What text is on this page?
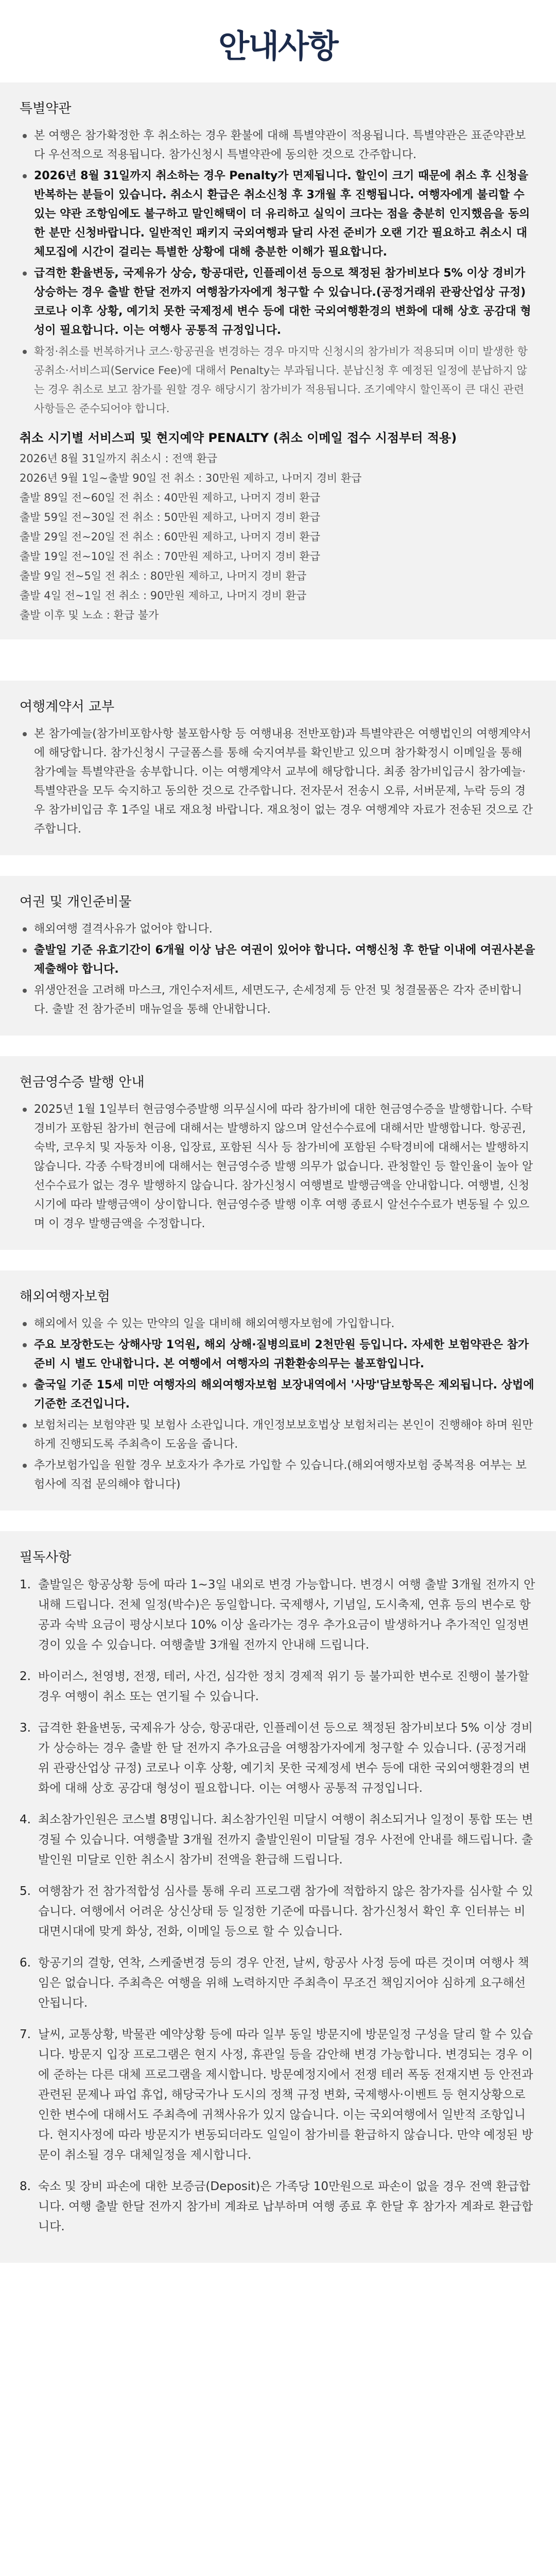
안내사항
특별약관
본 여행은 참가확정한 후 취소하는 경우 환불에 대해 특별약관이 적용됩니다. 특별약관은 표준약관보다 우선적으로 적용됩니다. 참가신청시 특별약관에 동의한 것으로 간주합니다.
2026년 8월 31일까지 취소하는 경우 Penalty가 면제됩니다. 할인이 크기 때문에 취소 후 신청을 반복하는 분들이 있습니다. 취소시 환급은 취소신청 후 3개월 후 진행됩니다. 여행자에게 불리할 수 있는 약관 조항임에도 불구하고 말인해택이 더 유리하고 실익이 크다는 점을 충분히 인지했음을 동의한 분만 신청바랍니다. 일반적인 패키지 국외여행과 달리 사전 준비가 오랜 기간 필요하고 취소시 대체모집에 시간이 걸리는 특별한 상황에 대해 충분한 이해가 필요합니다.
급격한 환율변동, 국제유가 상승, 항공대란, 인플레이션 등으로 책정된 참가비보다 5% 이상 경비가 상승하는 경우 출발 한달 전까지 여행참가자에게 청구할 수 있습니다.(공정거래위 관광산업상 규정) 코로나 이후 상황, 예기치 못한 국제정세 변수 등에 대한 국외여행환경의 변화에 대해 상호 공감대 형성이 필요합니다. 이는 여행사 공통적 규정입니다.
확정·취소를 번복하거나 코스·항공권을 변경하는 경우 마지막 신청시의 참가비가 적용되며 이미 발생한 항공취소·서비스피(Service Fee)에 대해서 Penalty는 부과됩니다. 분납신청 후 예정된 일정에 분납하지 않는 경우 취소로 보고 참가를 원할 경우 해당시기 참가비가 적용됩니다. 조기예약시 할인폭이 큰 대신 관련 사항들은 준수되어야 합니다.
취소 시기별 서비스피 및 현지예약 PENALTY (취소 이메일 접수 시점부터 적용)
2026년 8월 31일까지 취소시 : 전액 환급
2026년 9월 1일~출발 90일 전 취소 : 30만원 제하고, 나머지 경비 환급
출발 89일 전~60일 전 취소 : 40만원 제하고, 나머지 경비 환급
출발 59일 전~30일 전 취소 : 50만원 제하고, 나머지 경비 환급
출발 29일 전~20일 전 취소 : 60만원 제하고, 나머지 경비 환급
출발 19일 전~10일 전 취소 : 70만원 제하고, 나머지 경비 환급
출발 9일 전~5일 전 취소 : 80만원 제하고, 나머지 경비 환급
출발 4일 전~1일 전 취소 : 90만원 제하고, 나머지 경비 환급
출발 이후 및 노쇼 : 환급 불가
여행계약서 교부
본 참가예늘(참가비포함사항 불포함사항 등 여행내용 전반포함)과 특별약관은 여행법인의 여행계약서에 해당합니다. 참가신청시 구글폼스를 통해 숙지여부를 확인받고 있으며 참가확정시 이메일을 통해 참가예늘 특별약관을 송부합니다. 이는 여행계약서 교부에 해당합니다. 최종 참가비입금시 참가예늘·특별약관을 모두 숙지하고 동의한 것으로 간주합니다. 전자문서 전송시 오류, 서버문제, 누락 등의 경우 참가비입금 후 1주일 내로 재요청 바랍니다. 재요청이 없는 경우 여행계약 자료가 전송된 것으로 간주합니다.
여권 및 개인준비물
해외여행 결격사유가 없어야 합니다.
출발일 기준 유효기간이 6개월 이상 남은 여권이 있어야 합니다. 여행신청 후 한달 이내에 여권사본을 제출해야 합니다.
위생안전을 고려해 마스크, 개인수저세트, 세면도구, 손세정제 등 안전 및 청결물품은 각자 준비합니다. 출발 전 참가준비 매뉴얼을 통해 안내합니다.
현금영수증 발행 안내
2025년 1월 1일부터 현금영수증발행 의무실시에 따라 참가비에 대한 현금영수증을 발행합니다. 수탁경비가 포함된 참가비 현금에 대해서는 발행하지 않으며 알선수수료에 대해서만 발행합니다. 항공권, 숙박, 코우치 및 자동차 이용, 입장료, 포함된 식사 등 참가비에 포함된 수탁경비에 대해서는 발행하지 않습니다. 각종 수탁경비에 대해서는 현금영수증 발행 의무가 없습니다. 관청할인 등 할인율이 높아 알선수수료가 없는 경우 발행하지 않습니다. 참가신청시 여행별로 발행금액을 안내합니다. 여행별, 신청시기에 따라 발행금액이 상이합니다. 현금영수증 발행 이후 여행 종료시 알선수수료가 변동될 수 있으며 이 경우 발행금액을 수정합니다.
해외여행자보험
해외에서 있을 수 있는 만약의 일을 대비해 해외여행자보험에 가입합니다.
주요 보장한도는 상해사망 1억원, 해외 상해·질병의료비 2천만원 등입니다. 자세한 보험약관은 참가준비 시 별도 안내합니다. 본 여행에서 여행자의 귀환환송의무는 불포함입니다.
출국일 기준 15세 미만 여행자의 해외여행자보험 보장내역에서 '사망'담보항목은 제외됩니다. 상법에 기준한 조건입니다.
보험처리는 보험약관 및 보험사 소관입니다. 개인정보보호법상 보험처리는 본인이 진행해야 하며 원만하게 진행되도록 주최측이 도움을 줍니다.
추가보험가입을 원할 경우 보호자가 추가로 가입할 수 있습니다.(해외여행자보험 중복적용 여부는 보험사에 직접 문의해야 합니다)
필독사항
1. 출발일은 항공상황 등에 따라 1~3일 내외로 변경 가능합니다. 변경시 여행 출발 3개월 전까지 안내해 드립니다. 전체 일정(박수)은 동일합니다. 국제행사, 기념일, 도시축제, 연휴 등의 변수로 항공과 숙박 요금이 평상시보다 10% 이상 올라가는 경우 추가요금이 발생하거나 추가적인 일정변경이 있을 수 있습니다. 여행출발 3개월 전까지 안내해 드립니다.
2. 바이러스, 천영병, 전쟁, 테러, 사건, 심각한 정치 경제적 위기 등 불가피한 변수로 진행이 불가할 경우 여행이 취소 또는 연기될 수 있습니다.
3. 급격한 환율변동, 국제유가 상승, 항공대란, 인플레이션 등으로 책정된 참가비보다 5% 이상 경비가 상승하는 경우 출발 한 달 전까지 추가요금을 여행참가자에게 청구할 수 있습니다. (공정거래위 관광산업상 규정) 코로나 이후 상황, 예기치 못한 국제정세 변수 등에 대한 국외여행환경의 변화에 대해 상호 공감대 형성이 필요합니다. 이는 여행사 공통적 규정입니다.
4. 최소참가인원은 코스별 8명입니다. 최소참가인원 미달시 여행이 취소되거나 일정이 통합 또는 변경될 수 있습니다. 여행출발 3개월 전까지 출발인원이 미달될 경우 사전에 안내를 해드립니다. 출발인원 미달로 인한 취소시 참가비 전액을 환급해 드립니다.
5. 여행참가 전 참가적합성 심사를 통해 우리 프로그램 참가에 적합하지 않은 참가자를 심사할 수 있습니다. 여행에서 어려운 상신상태 등 일정한 기준에 따릅니다. 참가신청서 확인 후 인터뷰는 비대면시대에 맞게 화상, 전화, 이메일 등으로 할 수 있습니다.
6. 항공기의 결항, 연착, 스케줄변경 등의 경우 안전, 날씨, 항공사 사정 등에 따른 것이며 여행사 책임은 없습니다. 주최측은 여행을 위해 노력하지만 주최측이 무조건 책임지어야 심하게 요구해선 안됩니다.
7. 날씨, 교통상황, 박물관 예약상황 등에 따라 일부 동일 방문지에 방문일정 구성을 달리 할 수 있습니다. 방문지 입장 프로그램은 현지 사정, 휴관일 등을 감안해 변경 가능합니다. 변경되는 경우 이에 준하는 다른 대체 프로그램을 제시합니다. 방문예정지에서 전쟁 테러 폭동 전재지변 등 안전과 관련된 문제나 파업 휴업, 해당국가나 도시의 정책 규정 변화, 국제행사·이벤트 등 현지상황으로 인한 변수에 대해서도 주최측에 귀책사유가 있지 않습니다. 이는 국외여행에서 일반적 조항입니다. 현지사정에 따라 방문지가 변동되더라도 일일이 참가비를 환급하지 않습니다. 만약 예정된 방문이 취소될 경우 대체일정을 제시합니다.
8. 숙소 및 장비 파손에 대한 보증금(Deposit)은 가족당 10만원으로 파손이 없을 경우 전액 환급합니다. 여행 출발 한달 전까지 참가비 계좌로 납부하며 여행 종료 후 한달 후 참가자 계좌로 환급합니다.
